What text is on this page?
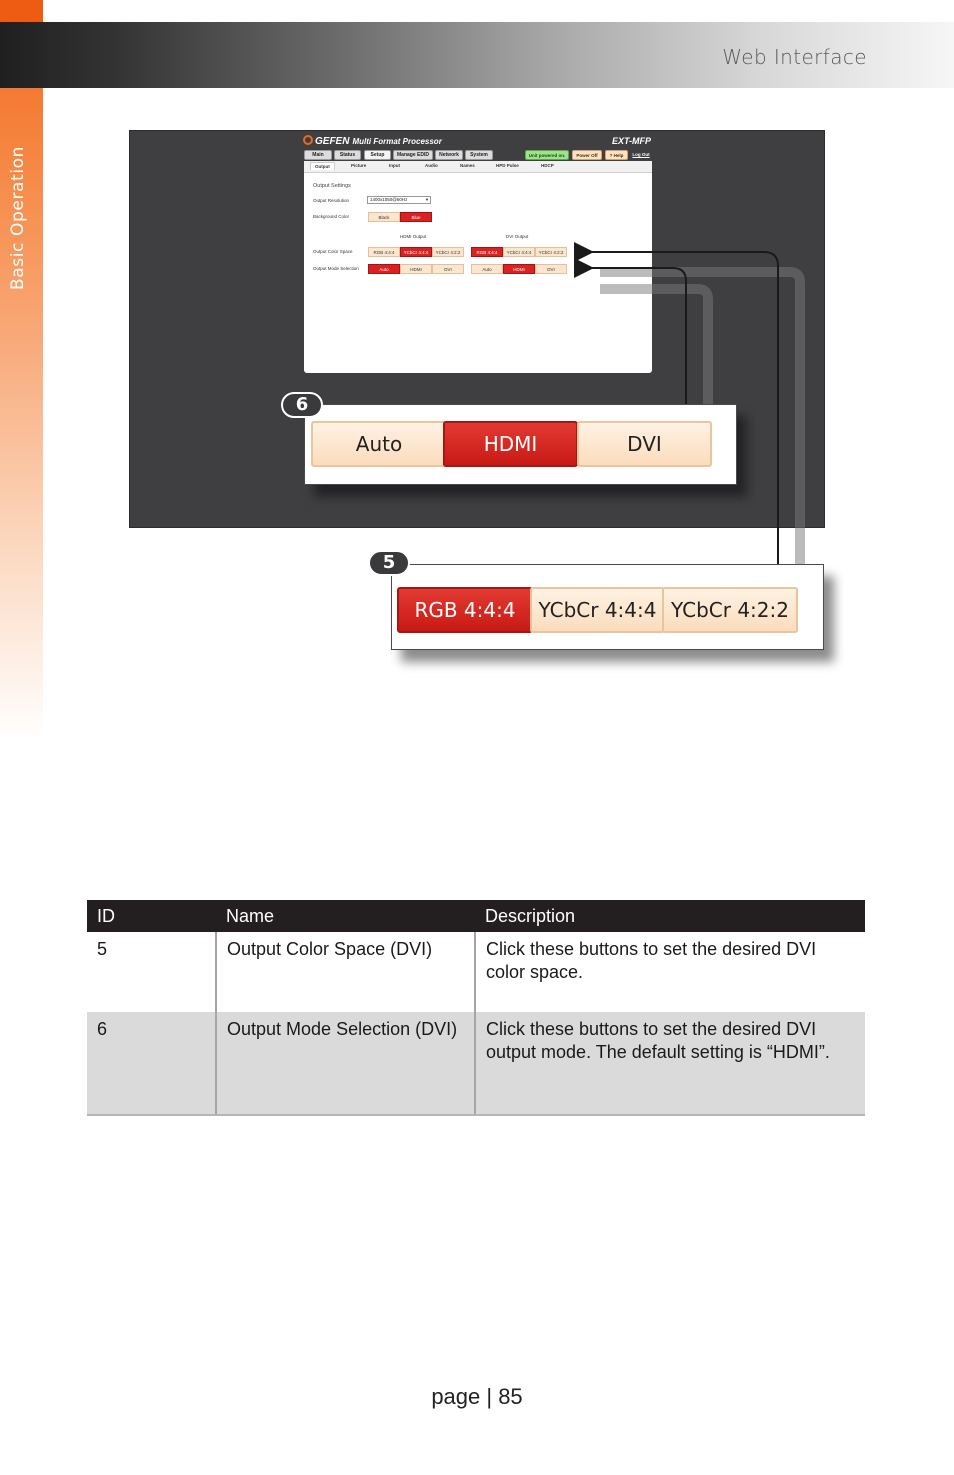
Basic Operation
Web Interface
GEFEN Multi Format Processor	EXT-MFP
Main	Status	Setup	Manage EDID	Network	System	Unit powered on.	Power Off	? Help	Log Out
Output	Picture	Input	Audio	Names	HPD Pulse	HDCP
Output Settings
Output Resolution	1400x1050@60Hz	▼
Background Color	Black	Blue
HDMI Output	DVI Output
Output Color Space	RGB 4:4:4	YCbCr 4:4:4	YCbCr 4:2:2	RGB 4:4:4	YCbCr 4:4:4	YCbCr 4:2:2
Output Mode Selection	Auto	HDMI	DVI	Auto	HDMI	DVI
Auto	HDMI	DVI
6
RGB 4:4:4	YCbCr 4:4:4 YCbCr 4:2:2
5
ID	Name	Description
5	Output Color Space (DVI)	Click these buttons to set the desired DVI color space.
6	Output Mode Selection (DVI)	Click these buttons to set the desired DVI output mode. The default setting is “HDMI”.
page | 85
